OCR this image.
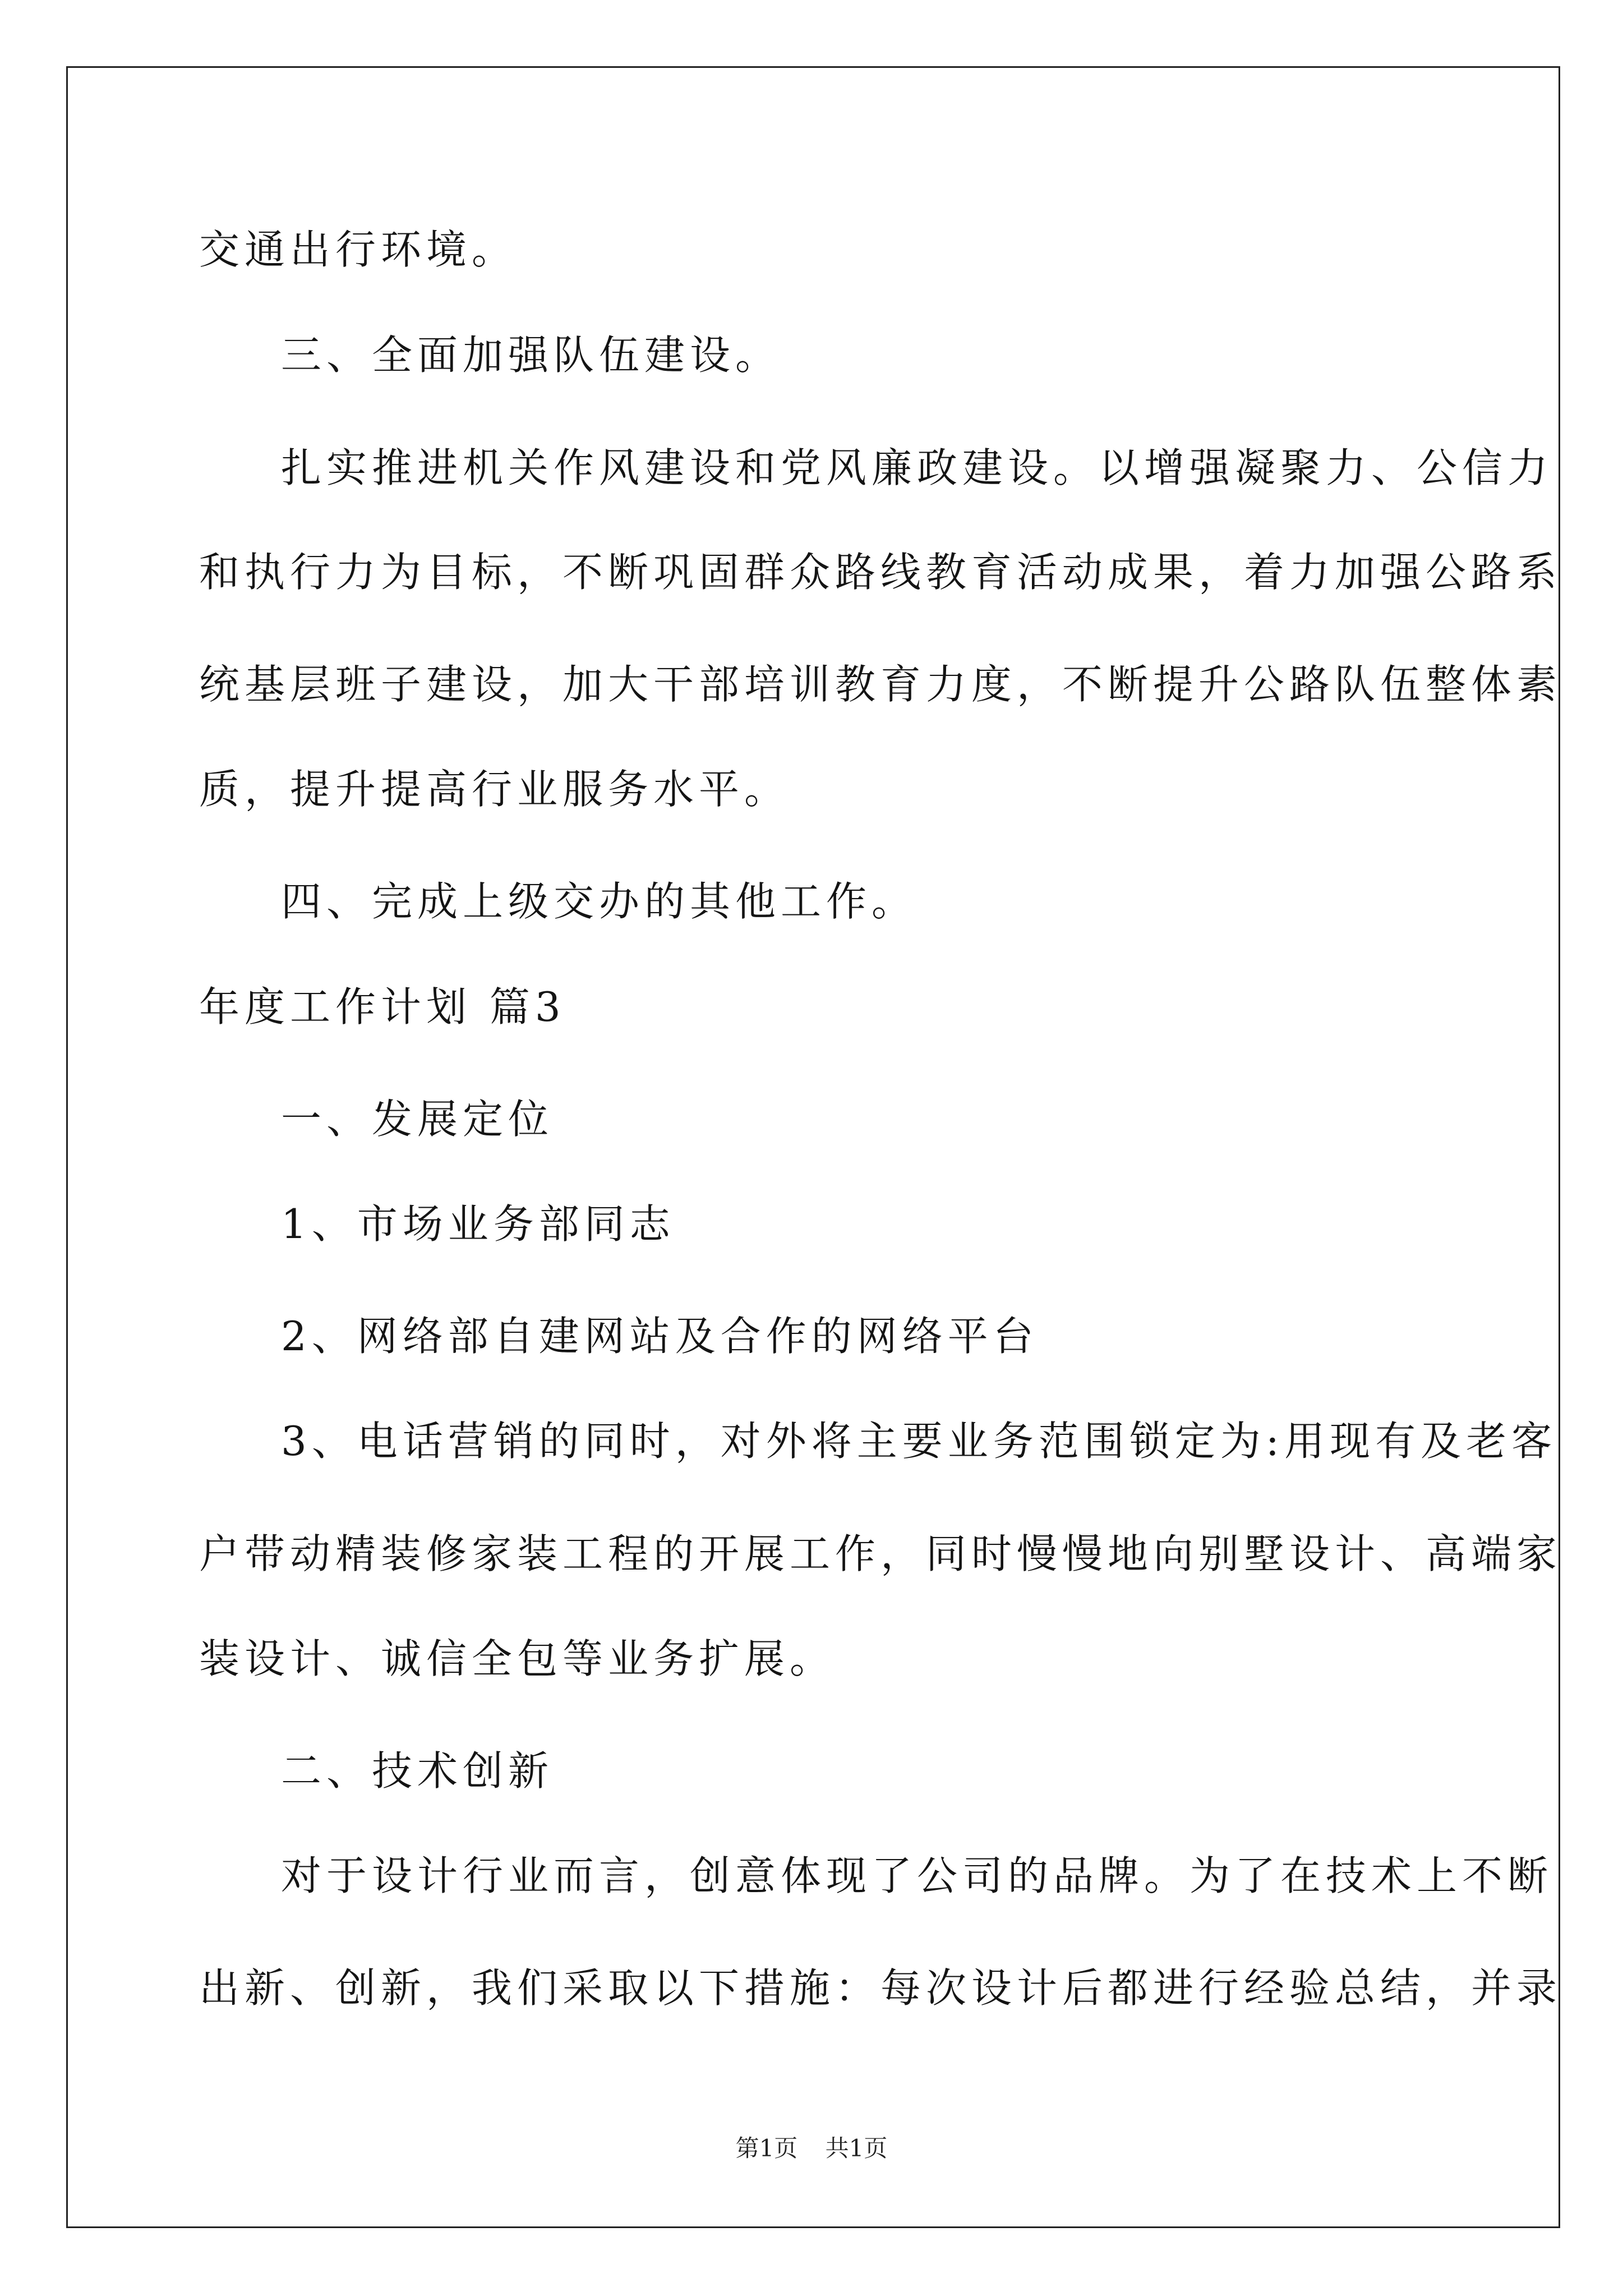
交通出行环境。
三、全面加强队伍建设。
扎实推进机关作风建设和党风廉政建设。以增强凝聚力、公信力
和执行力为目标，不断巩固群众路线教育活动成果，着力加强公路系
统基层班子建设，加大干部培训教育力度，不断提升公路队伍整体素
质，提升提高行业服务水平。
四、完成上级交办的其他工作。
年度工作计划 篇3
一、发展定位
1、市场业务部同志
2、网络部自建网站及合作的网络平台
3、电话营销的同时，对外将主要业务范围锁定为:用现有及老客
户带动精装修家装工程的开展工作，同时慢慢地向别墅设计、高端家
装设计、诚信全包等业务扩展。
二、技术创新
对于设计行业而言，创意体现了公司的品牌。为了在技术上不断
出新、创新，我们采取以下措施：每次设计后都进行经验总结，并录
第1页 共1页
